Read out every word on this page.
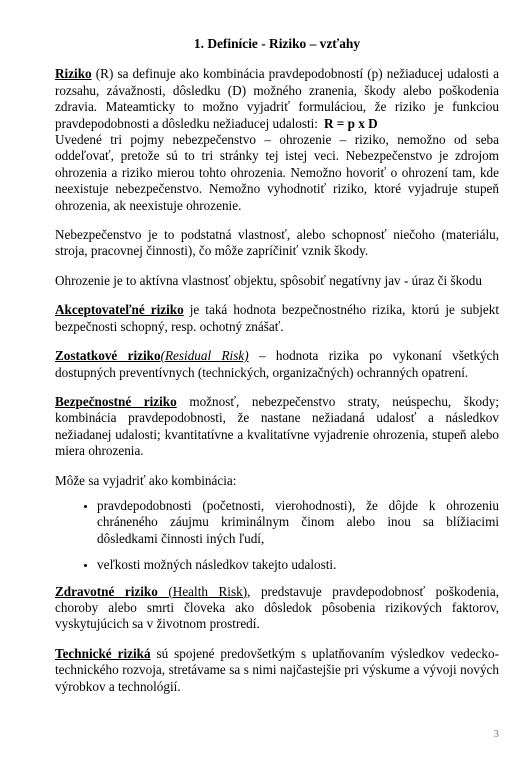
1. Definície - Riziko – vzťahy

Riziko (R) sa definuje ako kombinácia pravdepodobností (p) nežiaducej udalosti a rozsahu, závažnosti, dôsledku (D) možného zranenia, škody alebo poškodenia zdravia. Mateamticky to možno vyjadriť formuláciou, že riziko je funkciou pravdepodobnosti a dôsledku nežiaducej udalosti: R = p x D

Uvedené tri pojmy nebezpečenstvo – ohrozenie – riziko, nemožno od seba oddeľovať, pretože sú to tri stránky tej istej veci. Nebezpečenstvo je zdrojom ohrozenia a riziko mierou tohto ohrozenia. Nemožno hovoriť o ohrození tam, kde neexistuje nebezpečenstvo. Nemožno vyhodnotiť riziko, ktoré vyjadruje stupeň ohrozenia, ak neexistuje ohrozenie.

Nebezpečenstvo je to podstatná vlastnosť, alebo schopnosť niečoho (materiálu, stroja, pracovnej činnosti), čo môže zapríčiniť vznik škody.

Ohrozenie je to aktívna vlastnosť objektu, spôsobiť negatívny jav - úraz či škodu

Akceptovateľné riziko je taká hodnota bezpečnostného rizika, ktorú je subjekt bezpečnosti schopný, resp. ochotný znášať.

Zostatkové riziko(Residual Risk) – hodnota rizika po vykonaní všetkých dostupných preventívnych (technických, organizačných) ochranných opatrení.

Bezpečnostné riziko možnosť, nebezpečenstvo straty, neúspechu, škody; kombinácia pravdepodobnosti, že nastane nežiadaná udalosť a následkov nežiadanej udalosti; kvantitatívne a kvalitatívne vyjadrenie ohrozenia, stupeň alebo miera ohrozenia.

Môže sa vyjadriť ako kombinácia:

• pravdepodobnosti (početnosti, vierohodnosti), že dôjde k ohrozeniu chráneného záujmu kriminálnym činom alebo inou sa blížiacimi dôsledkami činnosti iných ľudí,
• veľkosti možných následkov takejto udalosti.

Zdravotné riziko (Health Risk), predstavuje pravdepodobnosť poškodenia, choroby alebo smrti človeka ako dôsledok pôsobenia rizikových faktorov, vyskytujúcich sa v životnom prostredí.

Technické riziká sú spojené predovšetkým s uplatňovaním výsledkov vedecko-technického rozvoja, stretávame sa s nimi najčastejšie pri výskume a vývoji nových výrobkov a technológií.

3
